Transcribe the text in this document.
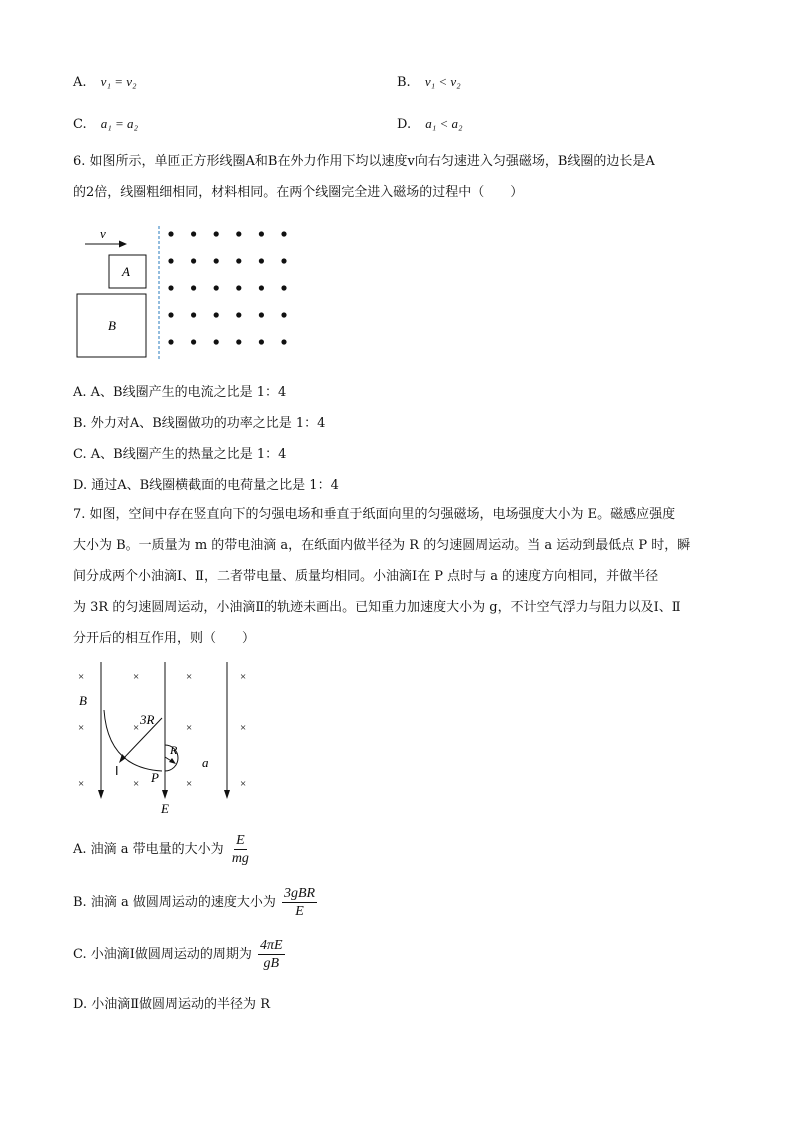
A. v₁ = v₂	B. v₁ < v₂
C. a₁ = a₂	D. a₁ < a₂
6. 如图所示，单匝正方形线圈A和B在外力作用下均以速度v向右匀速进入匀强磁场，B线圈的边长是A
的2倍，线圈粗细相同，材料相同。在两个线圈完全进入磁场的过程中（　　）
v
A
B
A. A、B线圈产生的电流之比是 1：4
B. 外力对A、B线圈做功的功率之比是 1：4
C. A、B线圈产生的热量之比是 1：4
D. 通过A、B线圈横截面的电荷量之比是 1：4
7. 如图，空间中存在竖直向下的匀强电场和垂直于纸面向里的匀强磁场，电场强度大小为 E。磁感应强度
大小为 B。一质量为 m 的带电油滴 a，在纸面内做半径为 R 的匀速圆周运动。当 a 运动到最低点 P 时，瞬
间分成两个小油滴Ⅰ、Ⅱ，二者带电量、质量均相同。小油滴Ⅰ在 P 点时与 a 的速度方向相同，并做半径
为 3R 的匀速圆周运动，小油滴Ⅱ的轨迹未画出。已知重力加速度大小为 g，不计空气浮力与阻力以及Ⅰ、Ⅱ
分开后的相互作用，则（　　）
×	×	×	×
×	×	×	×
×	×	×	×
B
E
3R
R
a
P
Ⅰ
A. 油滴 a 带电量的大小为 $\frac{E}{mg}$
B. 油滴 a 做圆周运动的速度大小为 $\frac{\text{3gBR}}{E}$
C. 小油滴Ⅰ做圆周运动的周期为 $\frac{4\pi E}{gB}$
D. 小油滴Ⅱ做圆周运动的半径为 R
